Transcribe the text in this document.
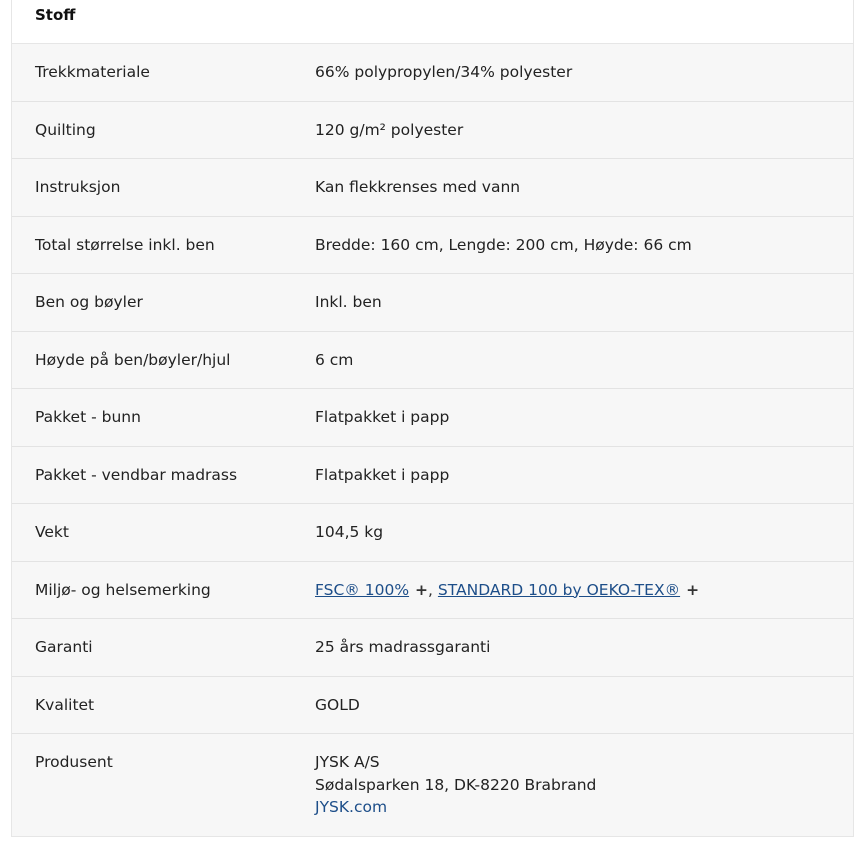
Stoff
Trekkmateriale	66% polypropylen/34% polyester
Quilting	120 g/m² polyester
Instruksjon	Kan flekkrenses med vann
Total størrelse inkl. ben	Bredde: 160 cm, Lengde: 200 cm, Høyde: 66 cm
Ben og bøyler	Inkl. ben
Høyde på ben/bøyler/hjul	6 cm
Pakket - bunn	Flatpakket i papp
Pakket - vendbar madrass	Flatpakket i papp
Vekt	104,5 kg
Miljø- og helsemerking	FSC® 100% +, STANDARD 100 by OEKO-TEX® +
Garanti	25 års madrassgaranti
Kvalitet	GOLD
Produsent	JYSK A/S
Sødalsparken 18, DK-8220 Brabrand
JYSK.com
